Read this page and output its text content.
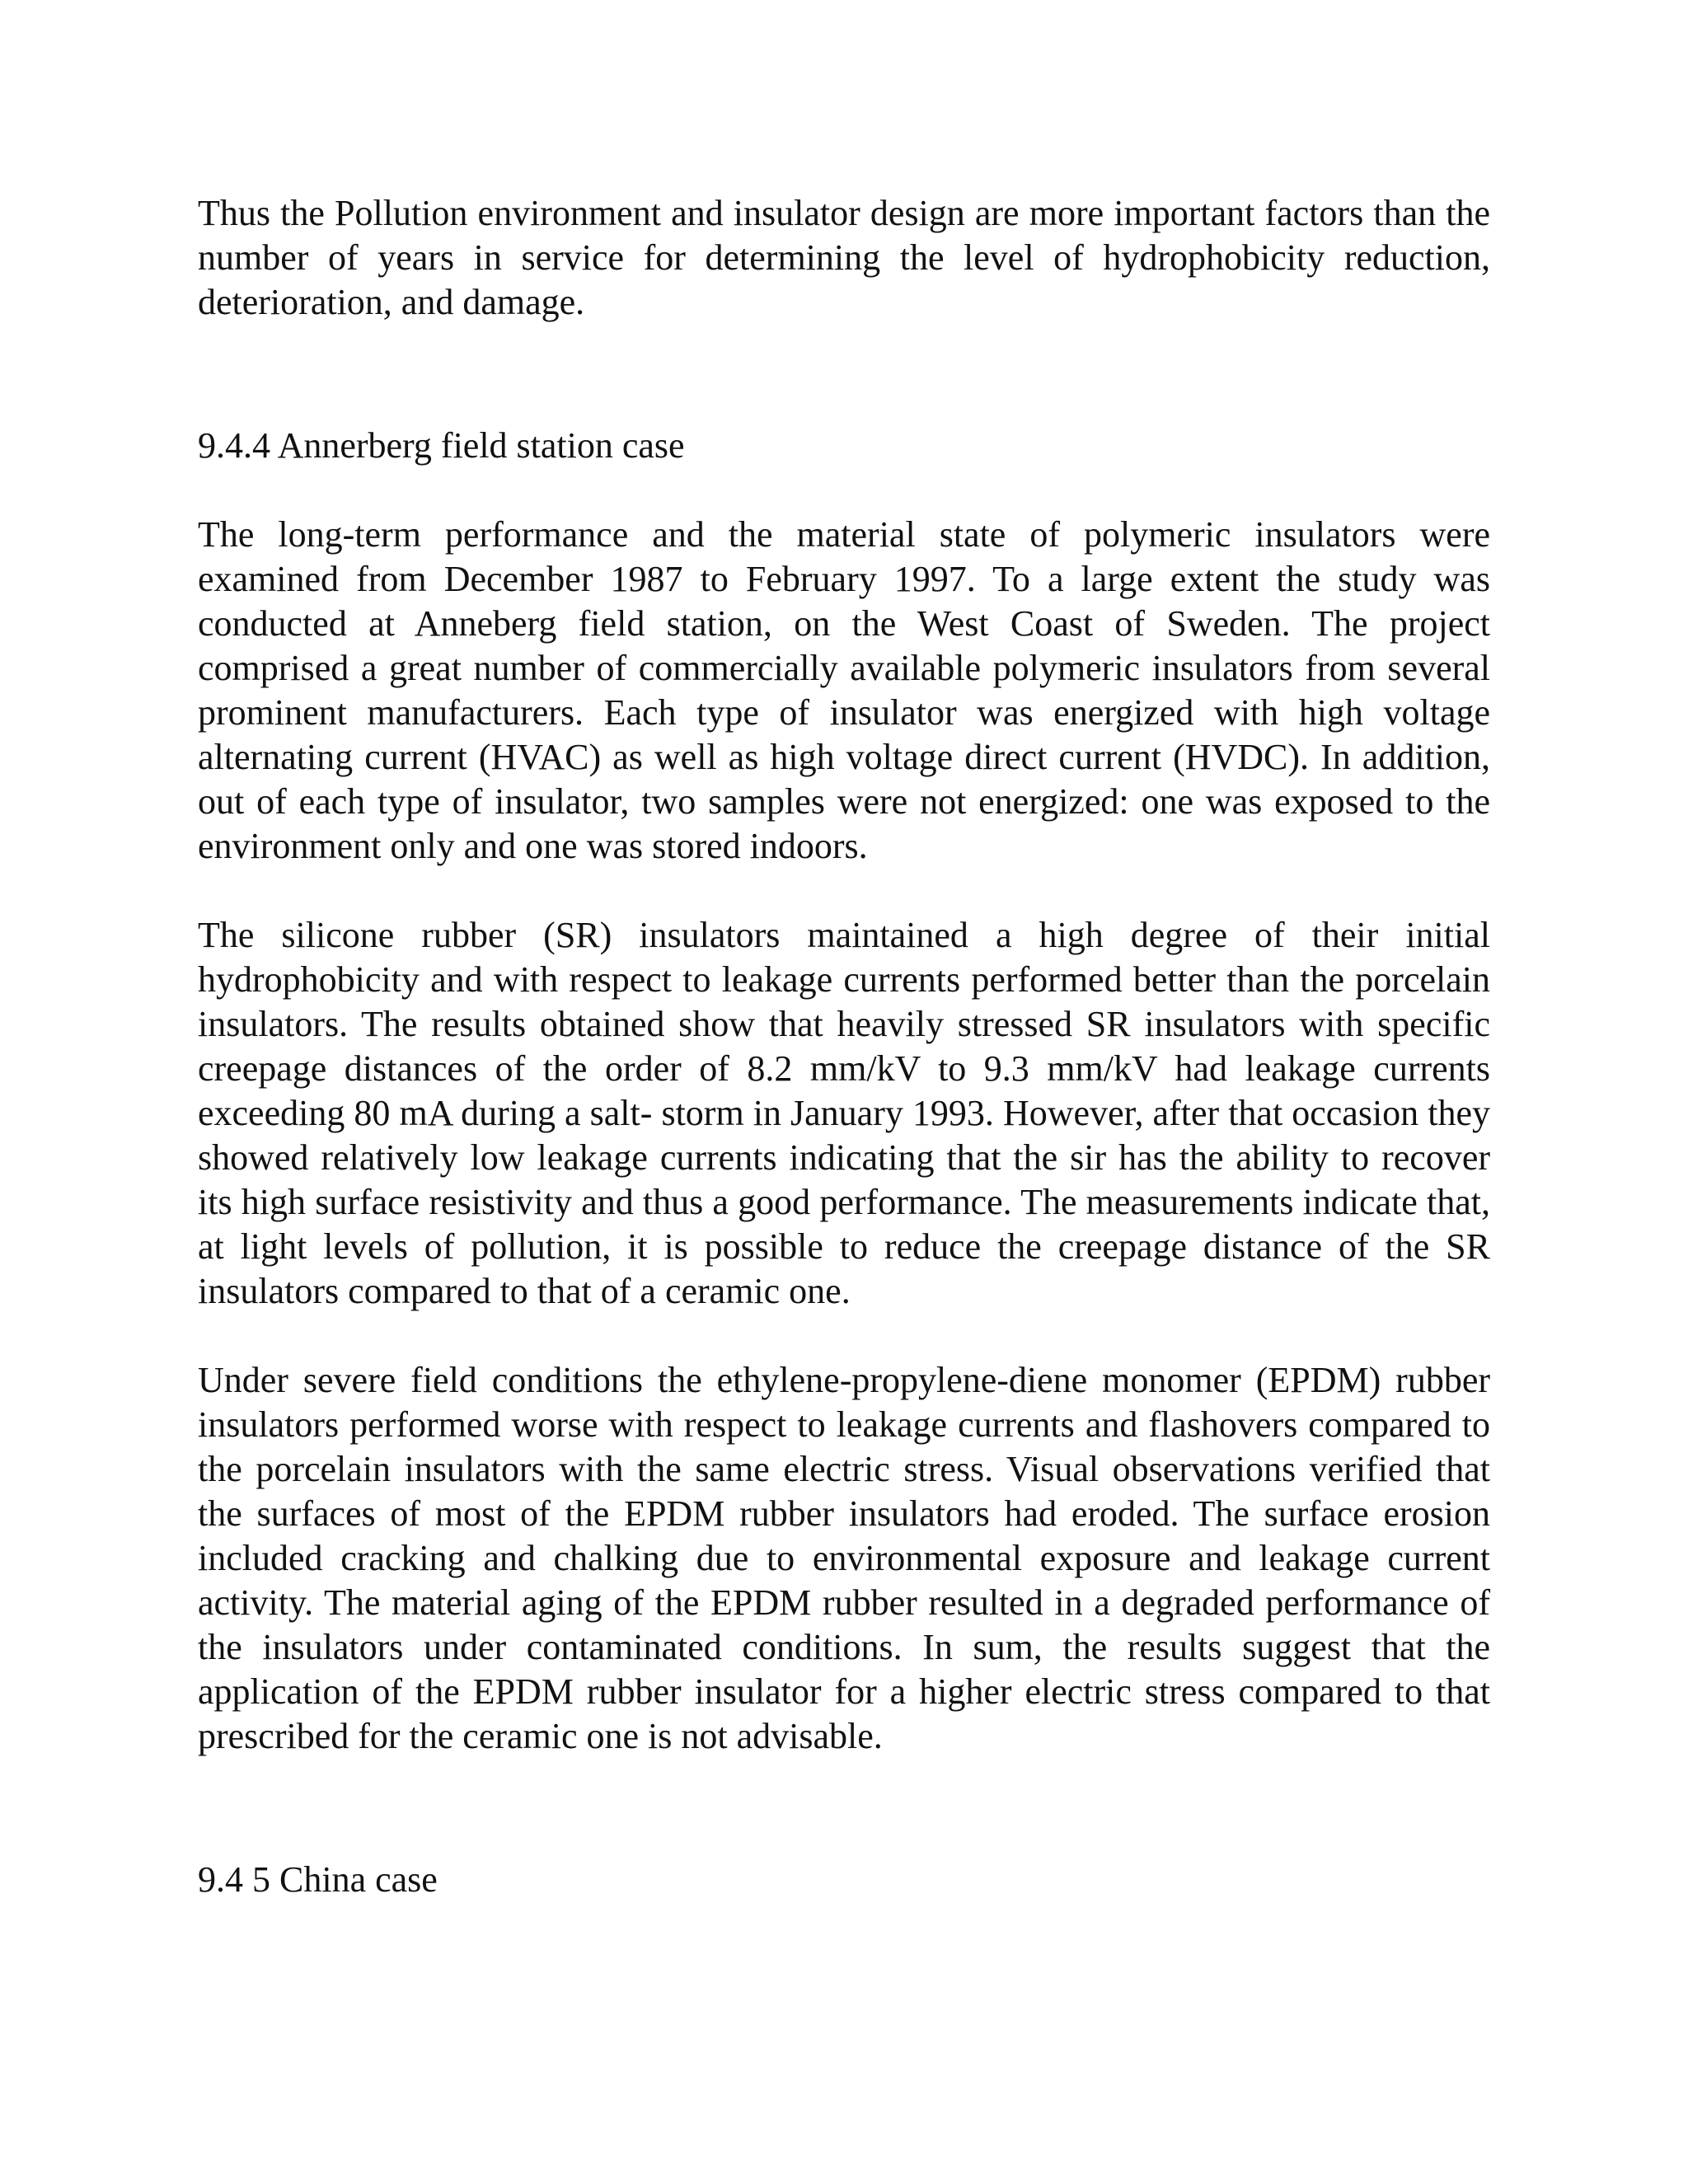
Thus the Pollution environment and insulator design are more important factors than the number of years in service for determining the level of hydrophobicity reduction, deterioration, and damage.

9.4.4 Annerberg field station case

The long-term performance and the material state of polymeric insulators were examined from December 1987 to February 1997. To a large extent the study was conducted at Anneberg field station, on the West Coast of Sweden. The project comprised a great number of commercially available polymeric insulators from several prominent manufacturers. Each type of insulator was energized with high voltage alternating current (HVAC) as well as high voltage direct current (HVDC). In addition, out of each type of insulator, two samples were not energized: one was exposed to the environment only and one was stored indoors.

The silicone rubber (SR) insulators maintained a high degree of their initial hydrophobicity and with respect to leakage currents performed better than the porcelain insulators. The results obtained show that heavily stressed SR insulators with specific creepage distances of the order of 8.2 mm/kV to 9.3 mm/kV had leakage currents exceeding 80 mA during a salt- storm in January 1993. However, after that occasion they showed relatively low leakage currents indicating that the sir has the ability to recover its high surface resistivity and thus a good performance. The measurements indicate that, at light levels of pollution, it is possible to reduce the creepage distance of the SR insulators compared to that of a ceramic one.

Under severe field conditions the ethylene-propylene-diene monomer (EPDM) rubber insulators performed worse with respect to leakage currents and flashovers compared to the porcelain insulators with the same electric stress. Visual observations verified that the surfaces of most of the EPDM rubber insulators had eroded. The surface erosion included cracking and chalking due to environmental exposure and leakage current activity. The material aging of the EPDM rubber resulted in a degraded performance of the insulators under contaminated conditions. In sum, the results suggest that the application of the EPDM rubber insulator for a higher electric stress compared to that prescribed for the ceramic one is not advisable.

9.4 5 China case
